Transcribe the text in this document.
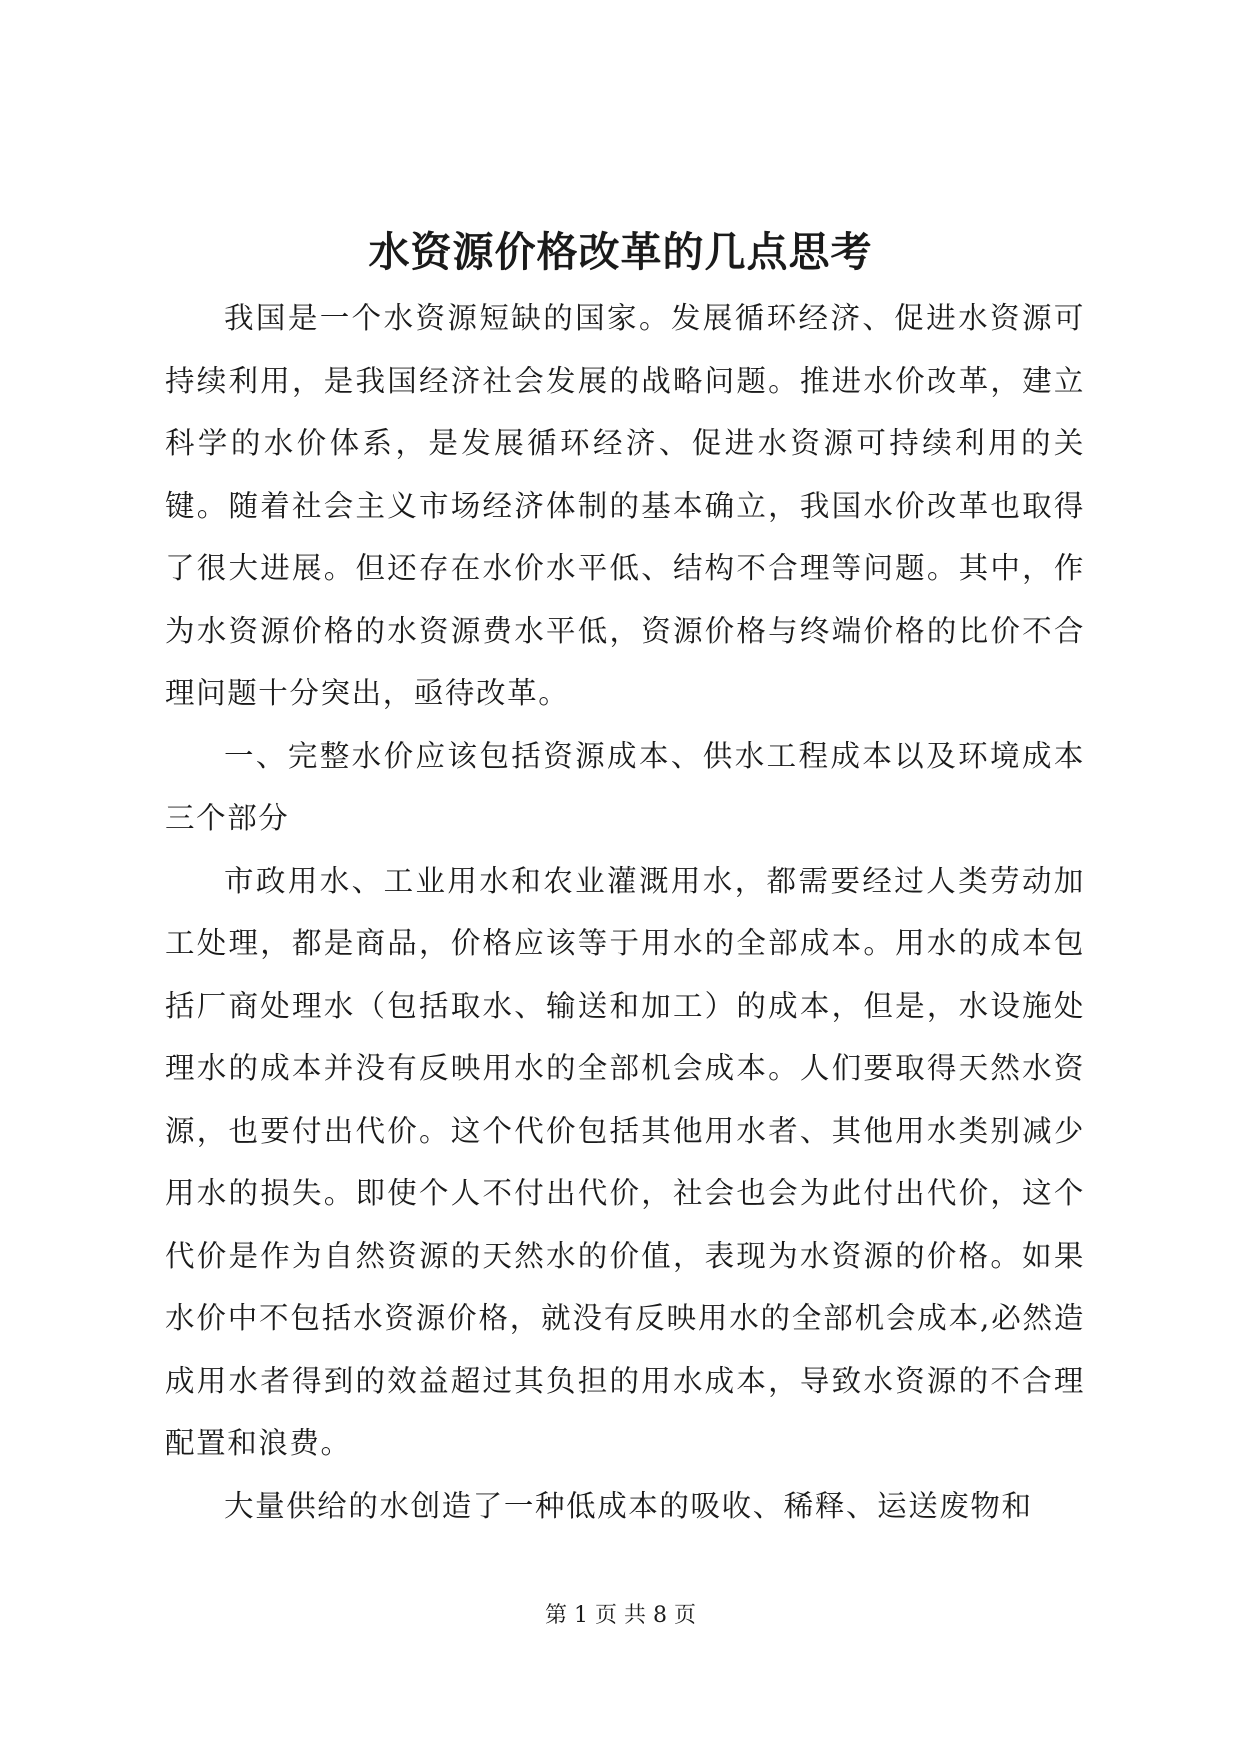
水资源价格改革的几点思考

我国是一个水资源短缺的国家。发展循环经济、促进水资源可持续利用，是我国经济社会发展的战略问题。推进水价改革，建立科学的水价体系，是发展循环经济、促进水资源可持续利用的关键。随着社会主义市场经济体制的基本确立，我国水价改革也取得了很大进展。但还存在水价水平低、结构不合理等问题。其中，作为水资源价格的水资源费水平低，资源价格与终端价格的比价不合理问题十分突出，亟待改革。

一、完整水价应该包括资源成本、供水工程成本以及环境成本三个部分

市政用水、工业用水和农业灌溉用水，都需要经过人类劳动加工处理，都是商品，价格应该等于用水的全部成本。用水的成本包括厂商处理水（包括取水、输送和加工）的成本，但是，水设施处理水的成本并没有反映用水的全部机会成本。人们要取得天然水资源，也要付出代价。这个代价包括其他用水者、其他用水类别减少用水的损失。即使个人不付出代价，社会也会为此付出代价，这个代价是作为自然资源的天然水的价值，表现为水资源的价格。如果水价中不包括水资源价格，就没有反映用水的全部机会成本,必然造成用水者得到的效益超过其负担的用水成本，导致水资源的不合理配置和浪费。

大量供给的水创造了一种低成本的吸收、稀释、运送废物和

第 1 页 共 8 页
